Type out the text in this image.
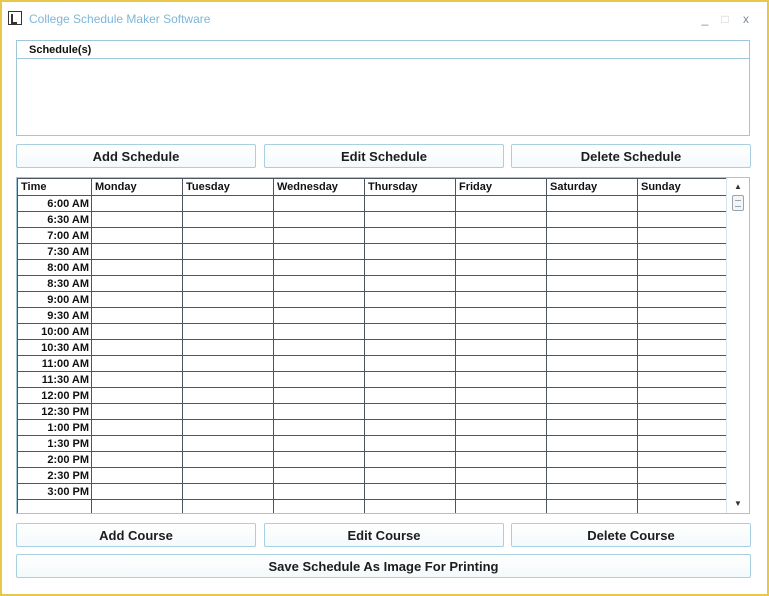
College Schedule Maker Software	_	□	x
Schedule(s)
Add Schedule	Edit Schedule	Delete Schedule
Time	Monday	Tuesday	Wednesday	Thursday	Friday	Saturday	Sunday
6:00 AM							
6:30 AM							
7:00 AM							
7:30 AM							
8:00 AM							
8:30 AM							
9:00 AM							
9:30 AM							
10:00 AM							
10:30 AM							
11:00 AM							
11:30 AM							
12:00 PM							
12:30 PM							
1:00 PM							
1:30 PM							
2:00 PM							
2:30 PM							
3:00 PM							

▲
▼
Add Course	Edit Course	Delete Course
Save Schedule As Image For Printing
